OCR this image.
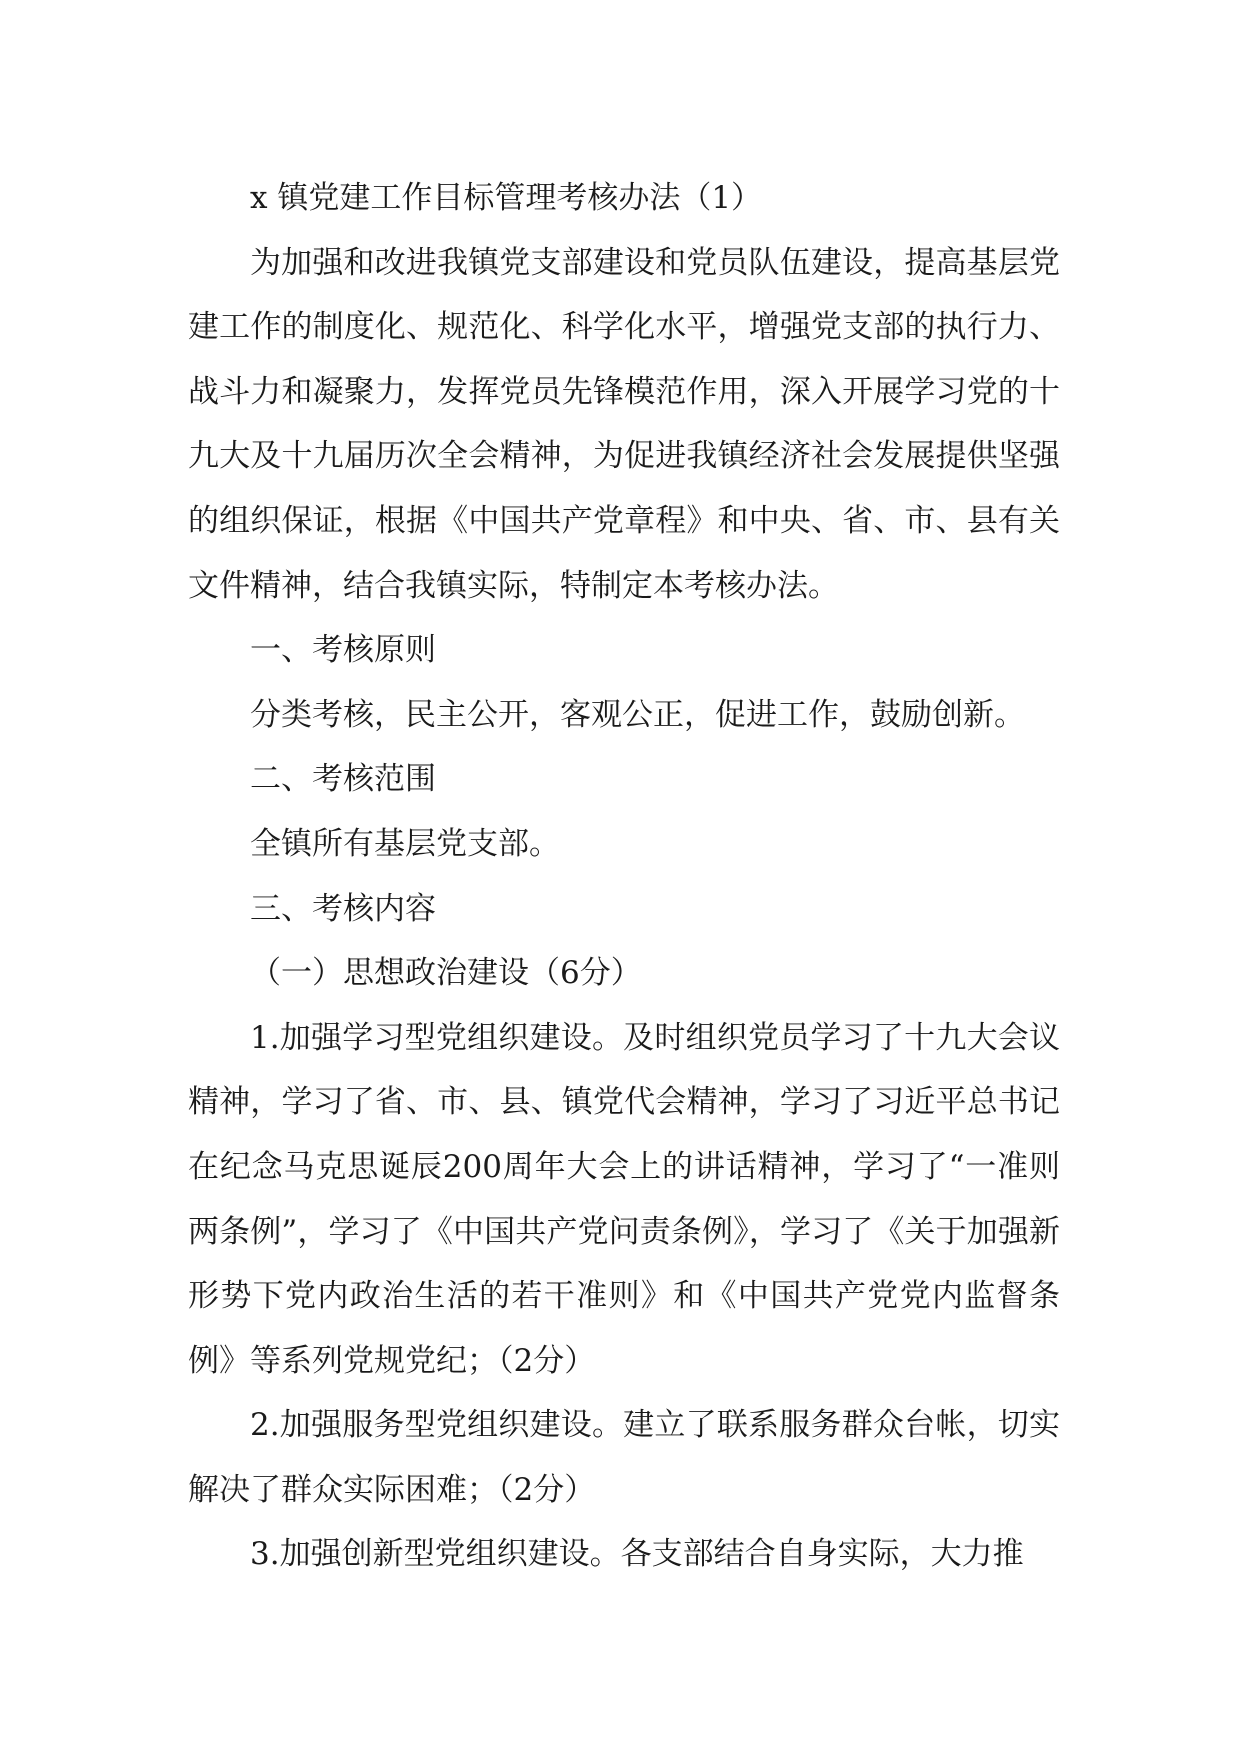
x 镇党建工作目标管理考核办法（1）

为加强和改进我镇党支部建设和党员队伍建设，提高基层党建工作的制度化、规范化、科学化水平，增强党支部的执行力、战斗力和凝聚力，发挥党员先锋模范作用，深入开展学习党的十九大及十九届历次全会精神，为促进我镇经济社会发展提供坚强的组织保证，根据《中国共产党章程》和中央、省、市、县有关文件精神，结合我镇实际，特制定本考核办法。

一、考核原则

分类考核，民主公开，客观公正，促进工作，鼓励创新。

二、考核范围

全镇所有基层党支部。

三、考核内容

（一）思想政治建设（6分）

1.加强学习型党组织建设。及时组织党员学习了十九大会议精神，学习了省、市、县、镇党代会精神，学习了习近平总书记在纪念马克思诞辰200周年大会上的讲话精神，学习了“一准则两条例”，学习了《中国共产党问责条例》，学习了《关于加强新形势下党内政治生活的若干准则》和《中国共产党党内监督条例》等系列党规党纪；（2分）

2.加强服务型党组织建设。建立了联系服务群众台帐，切实解决了群众实际困难；（2分）

3.加强创新型党组织建设。各支部结合自身实际，大力推
